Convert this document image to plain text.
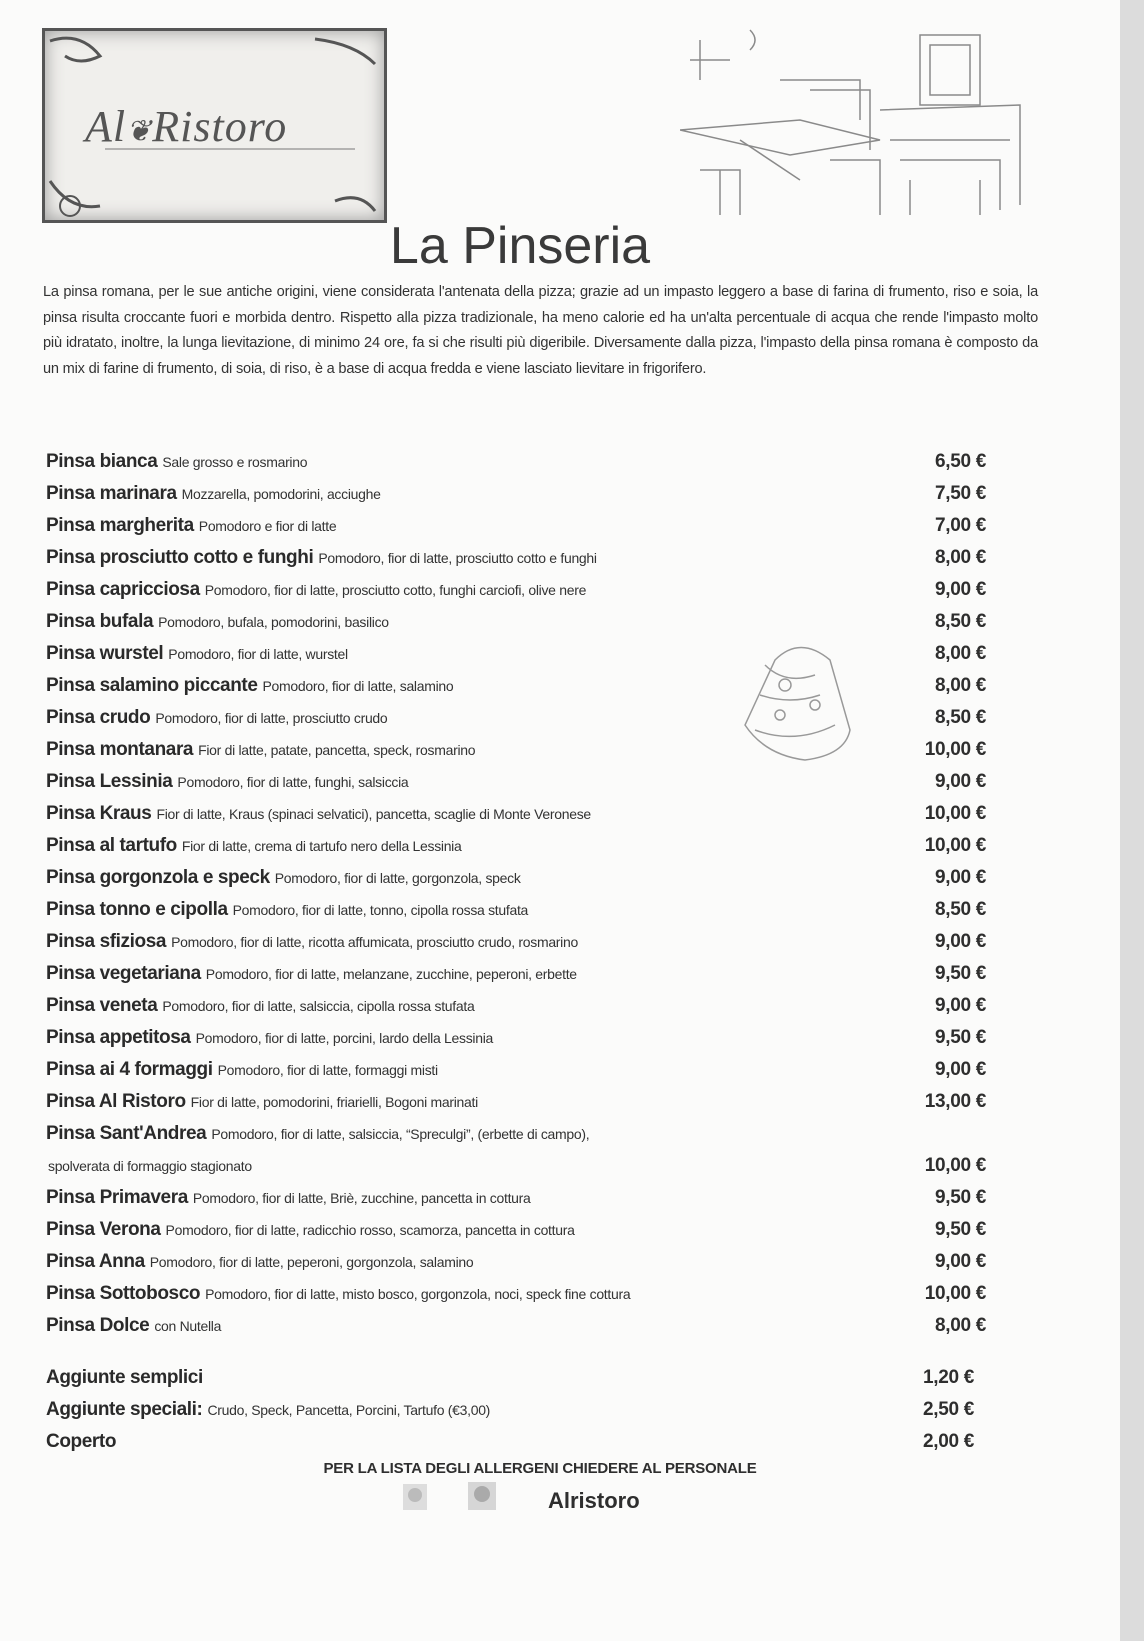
Al❦Ristoro
La Pinseria
La pinsa romana, per le sue antiche origini, viene considerata l'antenata della pizza; grazie ad un impasto leggero a base di farina di frumento, riso e soia, la pinsa risulta croccante fuori e morbida dentro. Rispetto alla pizza tradizionale, ha meno calorie ed ha un'alta percentuale di acqua che rende l'impasto molto più idratato, inoltre, la lunga lievitazione, di minimo 24 ore, fa si che risulti più digeribile. Diversamente dalla pizza, l'impasto della pinsa romana è composto da un mix di farine di frumento, di soia, di riso, è a base di acqua fredda e viene lasciato lievitare in frigorifero.
Pinsa bianca Sale grosso e rosmarino	6,50 €
Pinsa marinara Mozzarella, pomodorini, acciughe	7,50 €
Pinsa margherita Pomodoro e fior di latte	7,00 €
Pinsa prosciutto cotto e funghi Pomodoro, fior di latte, prosciutto cotto e funghi	8,00 €
Pinsa capricciosa Pomodoro, fior di latte, prosciutto cotto, funghi carciofi, olive nere	9,00 €
Pinsa bufala Pomodoro, bufala, pomodorini, basilico	8,50 €
Pinsa wurstel Pomodoro, fior di latte, wurstel	8,00 €
Pinsa salamino piccante Pomodoro, fior di latte, salamino	8,00 €
Pinsa crudo Pomodoro, fior di latte, prosciutto crudo	8,50 €
Pinsa montanara Fior di latte, patate, pancetta, speck, rosmarino	10,00 €
Pinsa Lessinia Pomodoro, fior di latte, funghi, salsiccia	9,00 €
Pinsa Kraus Fior di latte, Kraus (spinaci selvatici), pancetta, scaglie di Monte Veronese	10,00 €
Pinsa al tartufo Fior di latte, crema di tartufo nero della Lessinia	10,00 €
Pinsa gorgonzola e speck Pomodoro, fior di latte, gorgonzola, speck	9,00 €
Pinsa tonno e cipolla Pomodoro, fior di latte, tonno, cipolla rossa stufata	8,50 €
Pinsa sfiziosa Pomodoro, fior di latte, ricotta affumicata, prosciutto crudo, rosmarino	9,00 €
Pinsa vegetariana Pomodoro, fior di latte, melanzane, zucchine, peperoni, erbette	9,50 €
Pinsa veneta Pomodoro, fior di latte, salsiccia, cipolla rossa stufata	9,00 €
Pinsa appetitosa Pomodoro, fior di latte, porcini, lardo della Lessinia	9,50 €
Pinsa ai 4 formaggi Pomodoro, fior di latte, formaggi misti	9,00 €
Pinsa Al Ristoro Fior di latte, pomodorini, friarielli, Bogoni marinati	13,00 €
Pinsa Sant'Andrea Pomodoro, fior di latte, salsiccia, “Spreculgi”, (erbette di campo),
spolverata di formaggio stagionato	10,00 €
Pinsa Primavera Pomodoro, fior di latte, Briè, zucchine, pancetta in cottura	9,50 €
Pinsa Verona Pomodoro, fior di latte, radicchio rosso, scamorza, pancetta in cottura	9,50 €
Pinsa Anna Pomodoro, fior di latte, peperoni, gorgonzola, salamino	9,00 €
Pinsa Sottobosco Pomodoro, fior di latte, misto bosco, gorgonzola, noci, speck fine cottura	10,00 €
Pinsa Dolce con Nutella	8,00 €
Aggiunte semplici	1,20 €
Aggiunte speciali: Crudo, Speck, Pancetta, Porcini, Tartufo (€3,00)	2,50 €
Coperto	2,00 €
PER LA LISTA DEGLI ALLERGENI CHIEDERE AL PERSONALE
Alristoro
